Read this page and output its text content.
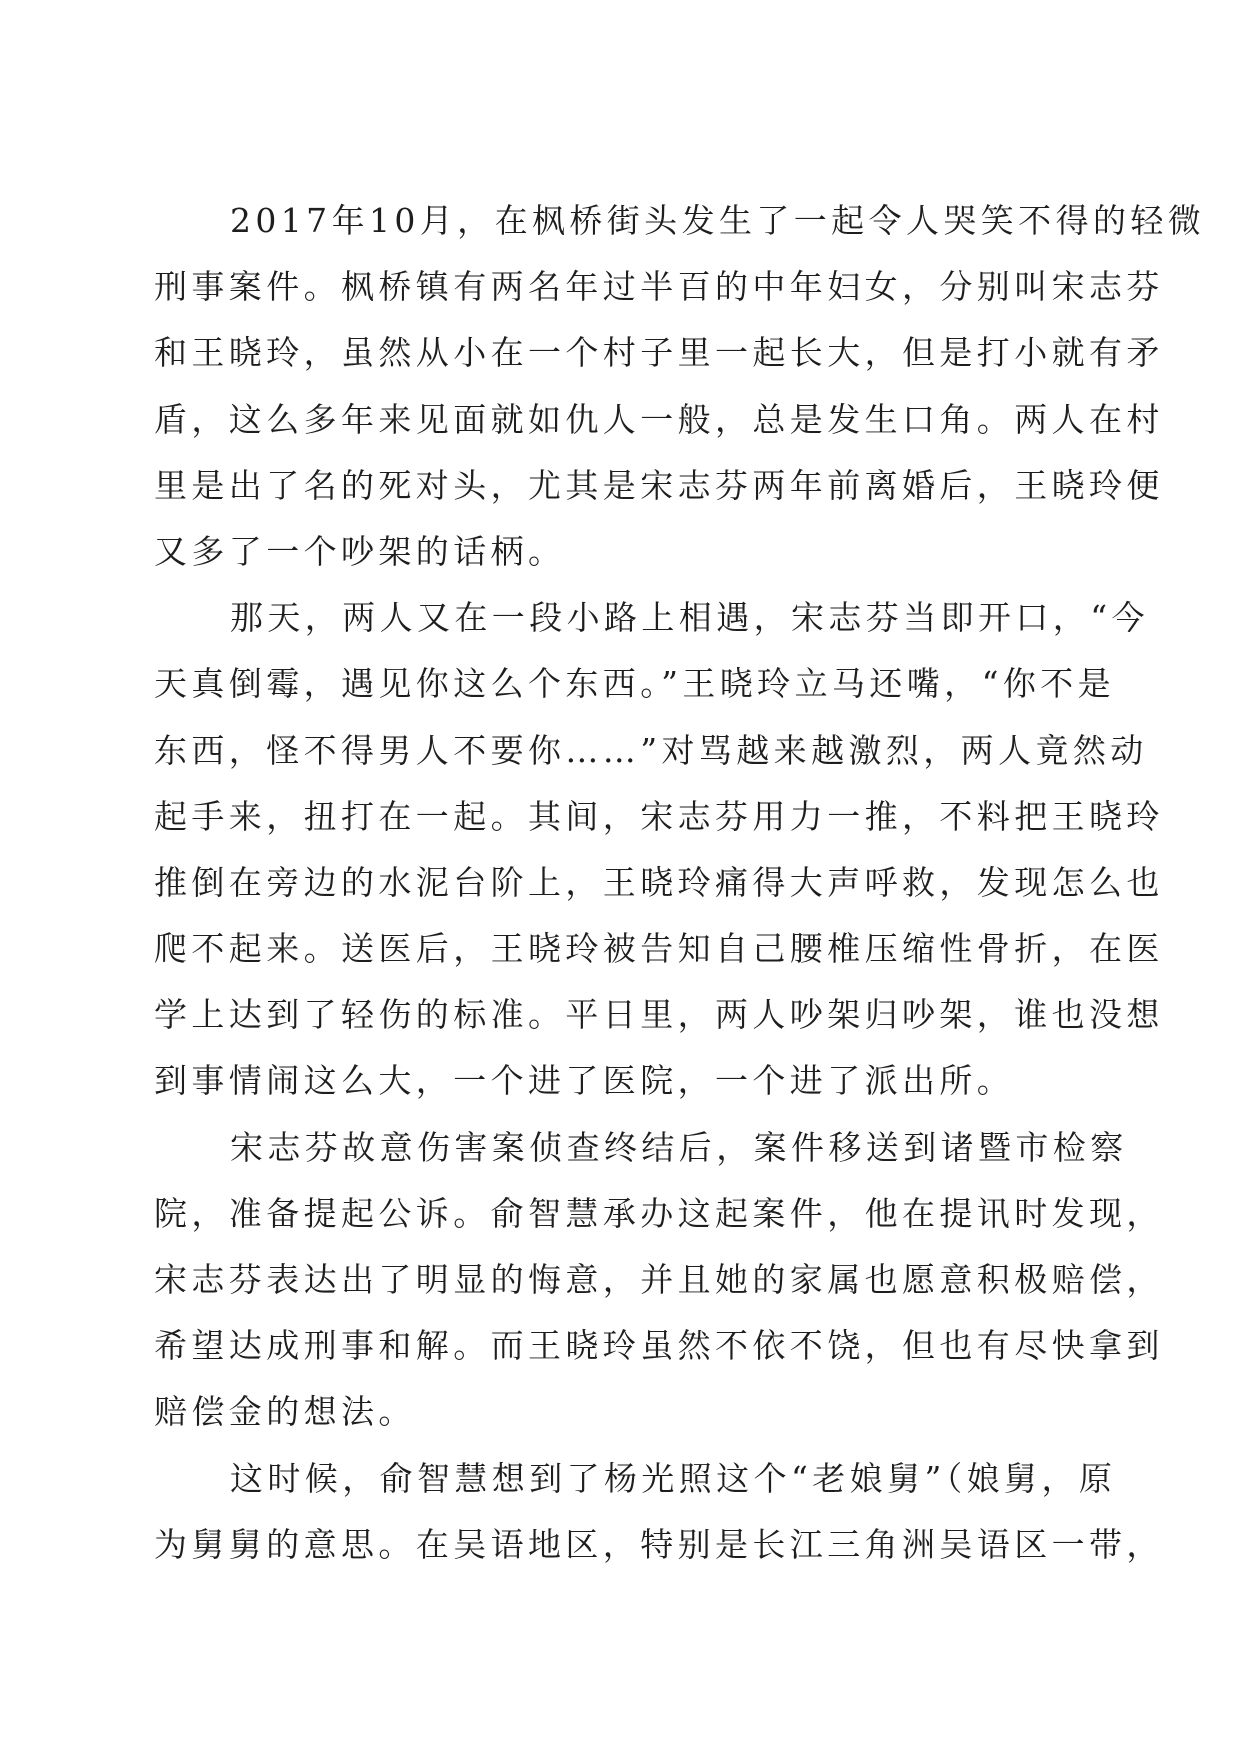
2017年10月，在枫桥街头发生了一起令人哭笑不得的轻微
刑事案件。枫桥镇有两名年过半百的中年妇女，分别叫宋志芬
和王晓玲，虽然从小在一个村子里一起长大，但是打小就有矛
盾，这么多年来见面就如仇人一般，总是发生口角。两人在村
里是出了名的死对头，尤其是宋志芬两年前离婚后，王晓玲便
又多了一个吵架的话柄。
那天，两人又在一段小路上相遇，宋志芬当即开口，“今
天真倒霉，遇见你这么个东西。”王晓玲立马还嘴，“你不是
东西，怪不得男人不要你……”对骂越来越激烈，两人竟然动
起手来，扭打在一起。其间，宋志芬用力一推，不料把王晓玲
推倒在旁边的水泥台阶上，王晓玲痛得大声呼救，发现怎么也
爬不起来。送医后，王晓玲被告知自己腰椎压缩性骨折，在医
学上达到了轻伤的标准。平日里，两人吵架归吵架，谁也没想
到事情闹这么大，一个进了医院，一个进了派出所。
宋志芬故意伤害案侦查终结后，案件移送到诸暨市检察
院，准备提起公诉。俞智慧承办这起案件，他在提讯时发现，
宋志芬表达出了明显的悔意，并且她的家属也愿意积极赔偿，
希望达成刑事和解。而王晓玲虽然不依不饶，但也有尽快拿到
赔偿金的想法。
这时候，俞智慧想到了杨光照这个“老娘舅”（娘舅，原
为舅舅的意思。在吴语地区，特别是长江三角洲吴语区一带，
